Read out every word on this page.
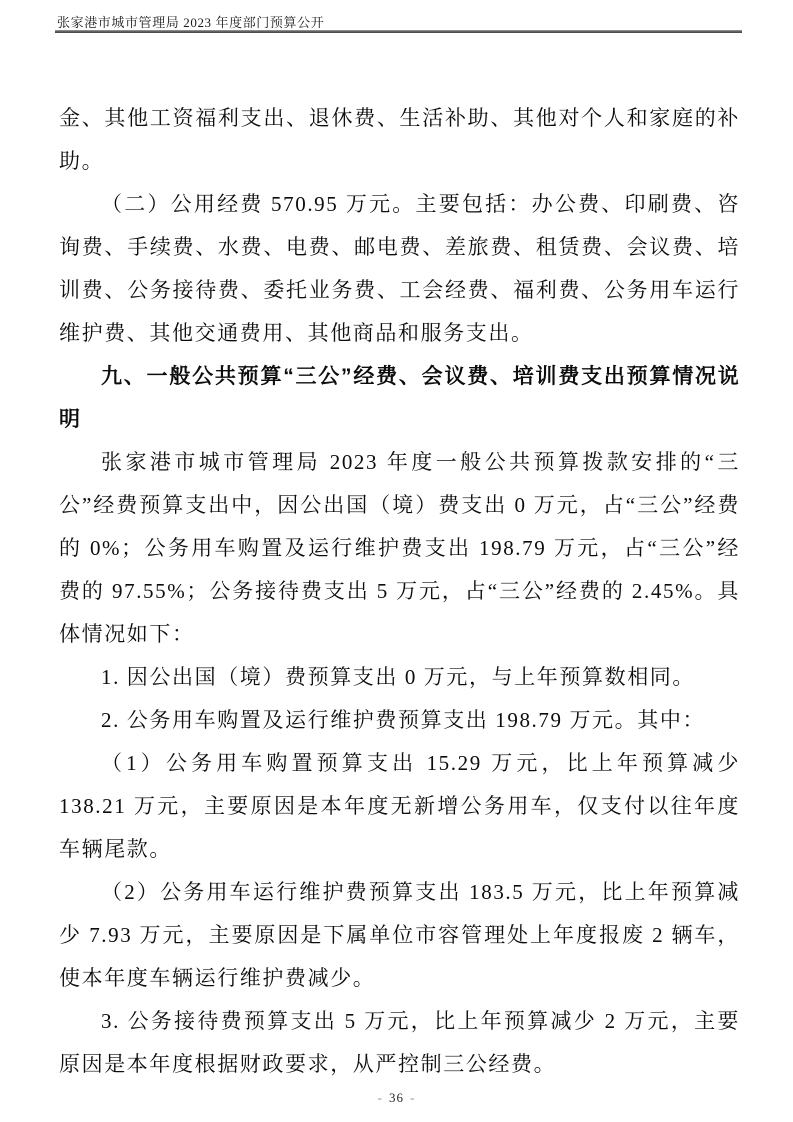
张家港市城市管理局 2023 年度部门预算公开

金、其他工资福利支出、退休费、生活补助、其他对个人和家庭的补助。

（二）公用经费 570.95 万元。主要包括：办公费、印刷费、咨询费、手续费、水费、电费、邮电费、差旅费、租赁费、会议费、培训费、公务接待费、委托业务费、工会经费、福利费、公务用车运行维护费、其他交通费用、其他商品和服务支出。

九、一般公共预算“三公”经费、会议费、培训费支出预算情况说明

张家港市城市管理局 2023 年度一般公共预算拨款安排的“三公”经费预算支出中，因公出国（境）费支出 0 万元，占“三公”经费的 0%；公务用车购置及运行维护费支出 198.79 万元，占“三公”经费的 97.55%；公务接待费支出 5 万元，占“三公”经费的 2.45%。具体情况如下：

1. 因公出国（境）费预算支出 0 万元，与上年预算数相同。

2. 公务用车购置及运行维护费预算支出 198.79 万元。其中：

（1）公务用车购置预算支出 15.29 万元，比上年预算减少 138.21 万元，主要原因是本年度无新增公务用车，仅支付以往年度车辆尾款。

（2）公务用车运行维护费预算支出 183.5 万元，比上年预算减少 7.93 万元，主要原因是下属单位市容管理处上年度报废 2 辆车，使本年度车辆运行维护费减少。

3. 公务接待费预算支出 5 万元，比上年预算减少 2 万元，主要原因是本年度根据财政要求，从严控制三公经费。

- 36 -
